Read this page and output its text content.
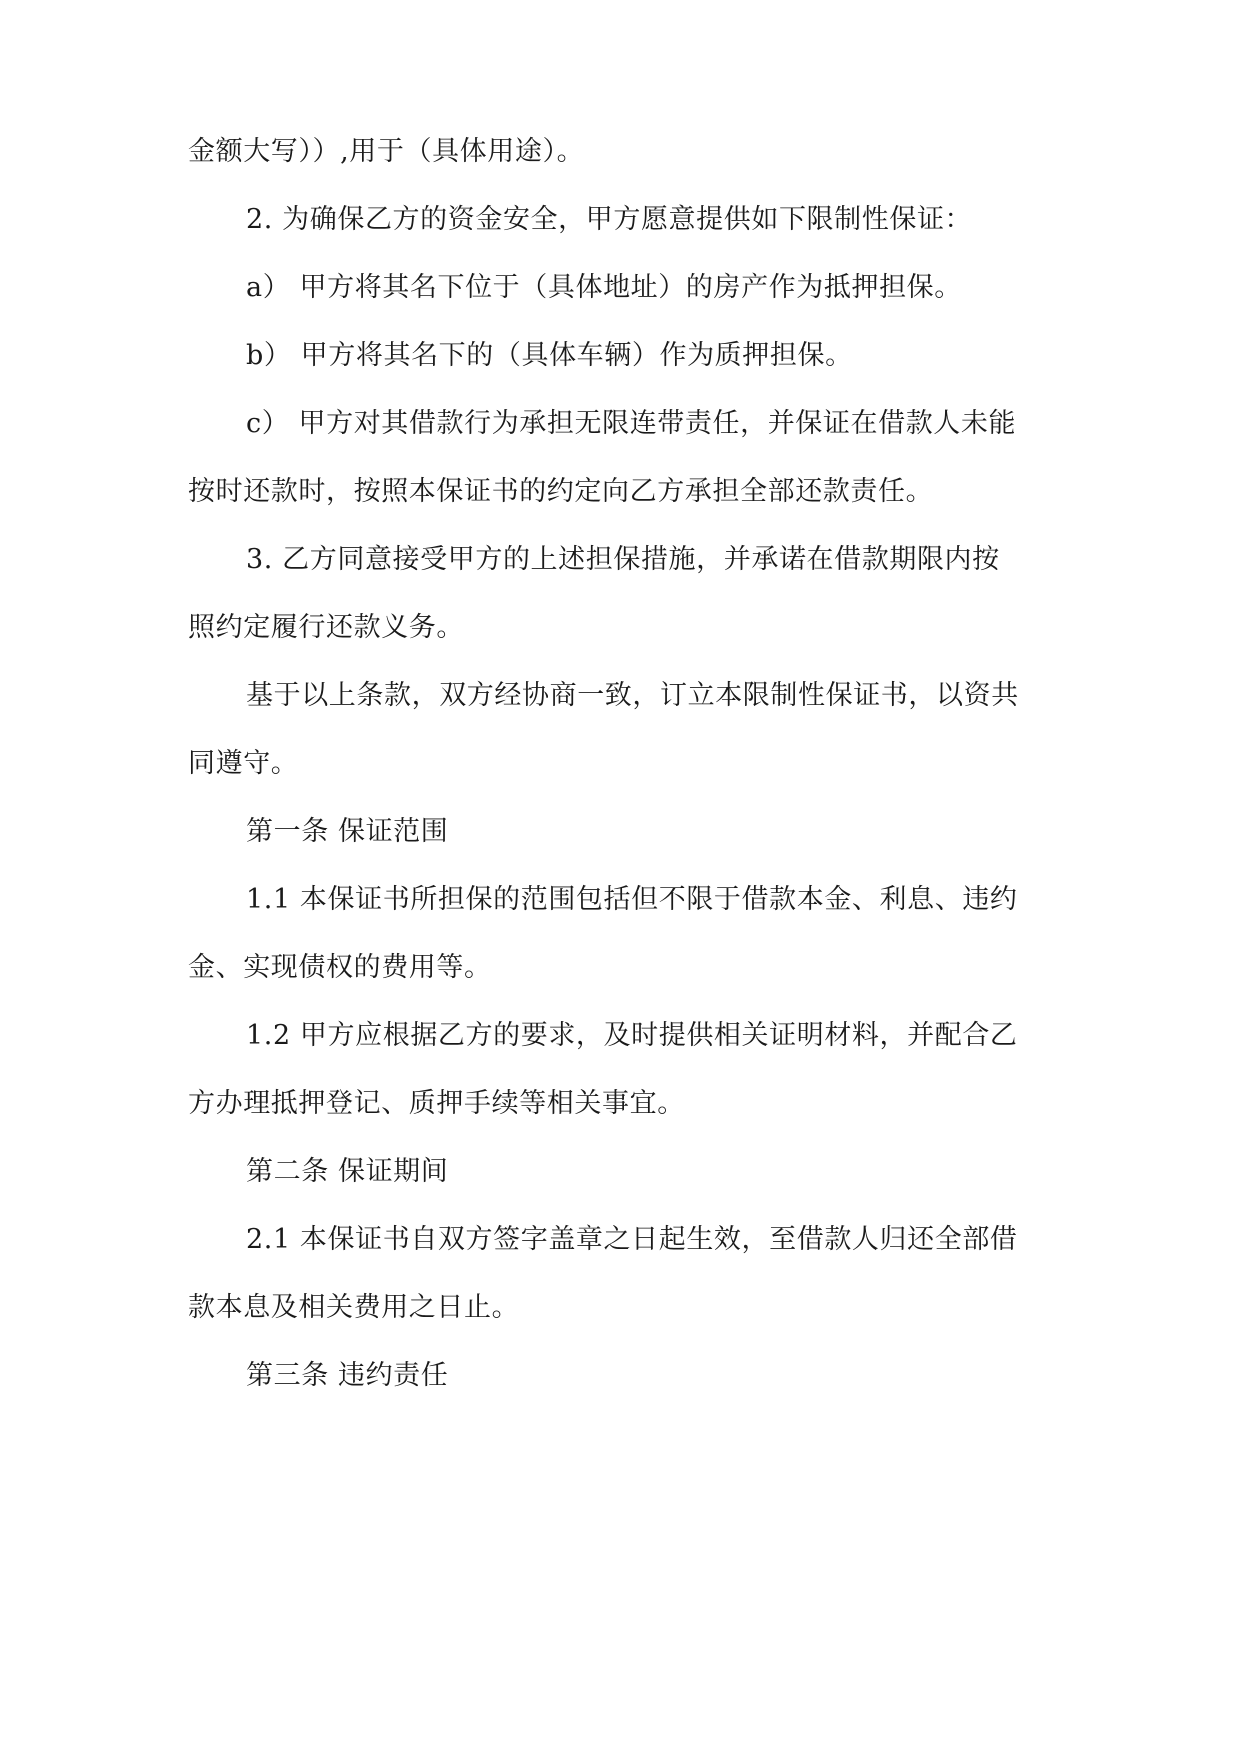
金额大写））,用于（具体用途）。
2. 为确保乙方的资金安全，甲方愿意提供如下限制性保证：
a） 甲方将其名下位于（具体地址）的房产作为抵押担保。
b） 甲方将其名下的（具体车辆）作为质押担保。
c） 甲方对其借款行为承担无限连带责任，并保证在借款人未能
按时还款时，按照本保证书的约定向乙方承担全部还款责任。
3. 乙方同意接受甲方的上述担保措施，并承诺在借款期限内按
照约定履行还款义务。
基于以上条款，双方经协商一致，订立本限制性保证书，以资共
同遵守。
第一条 保证范围
1.1 本保证书所担保的范围包括但不限于借款本金、利息、违约
金、实现债权的费用等。
1.2 甲方应根据乙方的要求，及时提供相关证明材料，并配合乙
方办理抵押登记、质押手续等相关事宜。
第二条 保证期间
2.1 本保证书自双方签字盖章之日起生效，至借款人归还全部借
款本息及相关费用之日止。
第三条 违约责任
